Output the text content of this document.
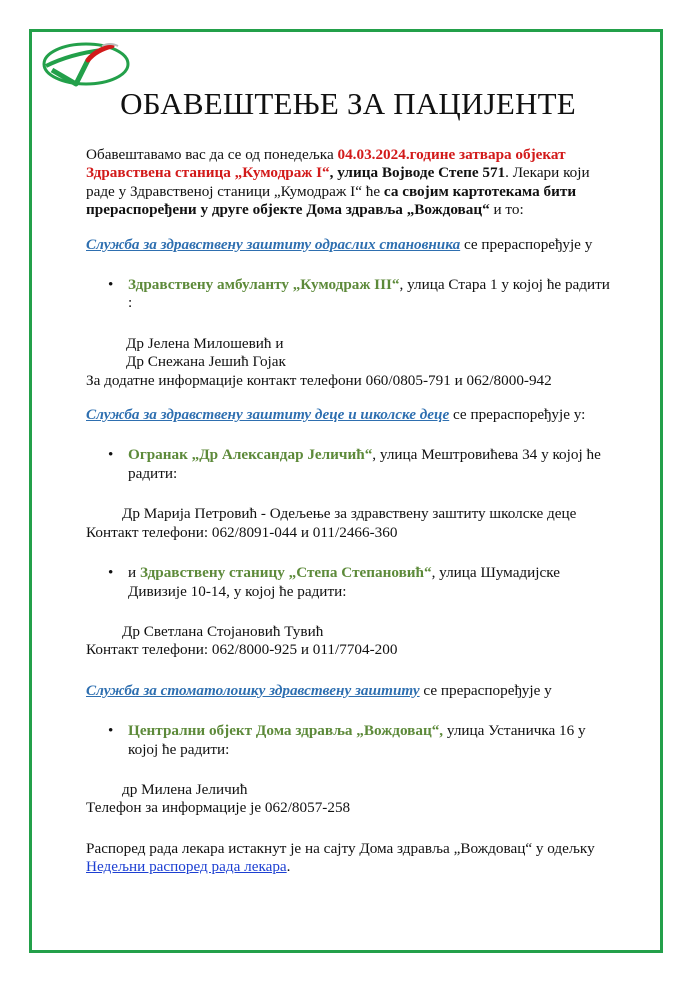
ОБАВЕШТЕЊЕ ЗА ПАЦИЈЕНТЕ

Обавештавамо вас да се од понедељка 04.03.2024.године затвара објекат Здравствена станица „Кумодраж I“, улица Војводе Степе 571. Лекари који раде у Здравственој станици „Кумодраж I“ ће са својим картотекама бити прераспоређени у друге објекте Дома здравља „Вождовац“ и то:

Служба за здравствену заштиту одраслих становника се прераспоређује у

• Здравствену амбуланту „Кумодраж III“, улица Стара 1 у којој ће радити :

Др Јелена Милошевић и

Др Снежана Јешић Гојак

За додатне информације контакт телефони 060/0805-791 и 062/8000-942

Служба за здравствену заштиту деце и школске деце се прераспоређује у:

• Огранак „Др Александар Јеличић“, улица Мештровићева 34 у којој ће радити:

Др Марија Петровић - Одељење за здравствену заштиту школске деце

Контакт телефони: 062/8091-044 и 011/2466-360

• и Здравствену станицу „Степа Степановић“, улица Шумадијске Дивизије 10-14, у којој ће радити:

Др Светлана Стојановић Тувић

Контакт телефони: 062/8000-925 и 011/7704-200

Служба за стоматолошку здравствену заштиту се прераспоређује у

• Централни објект Дома здравља „Вождовац“, улица Устаничка 16 у којој ће радити:

др Милена Јеличић

Телефон за информације је 062/8057-258

Распоред рада лекара истакнут је на сајту Дома здравља „Вождовац“ у одељку Недељни распоред рада лекара.
